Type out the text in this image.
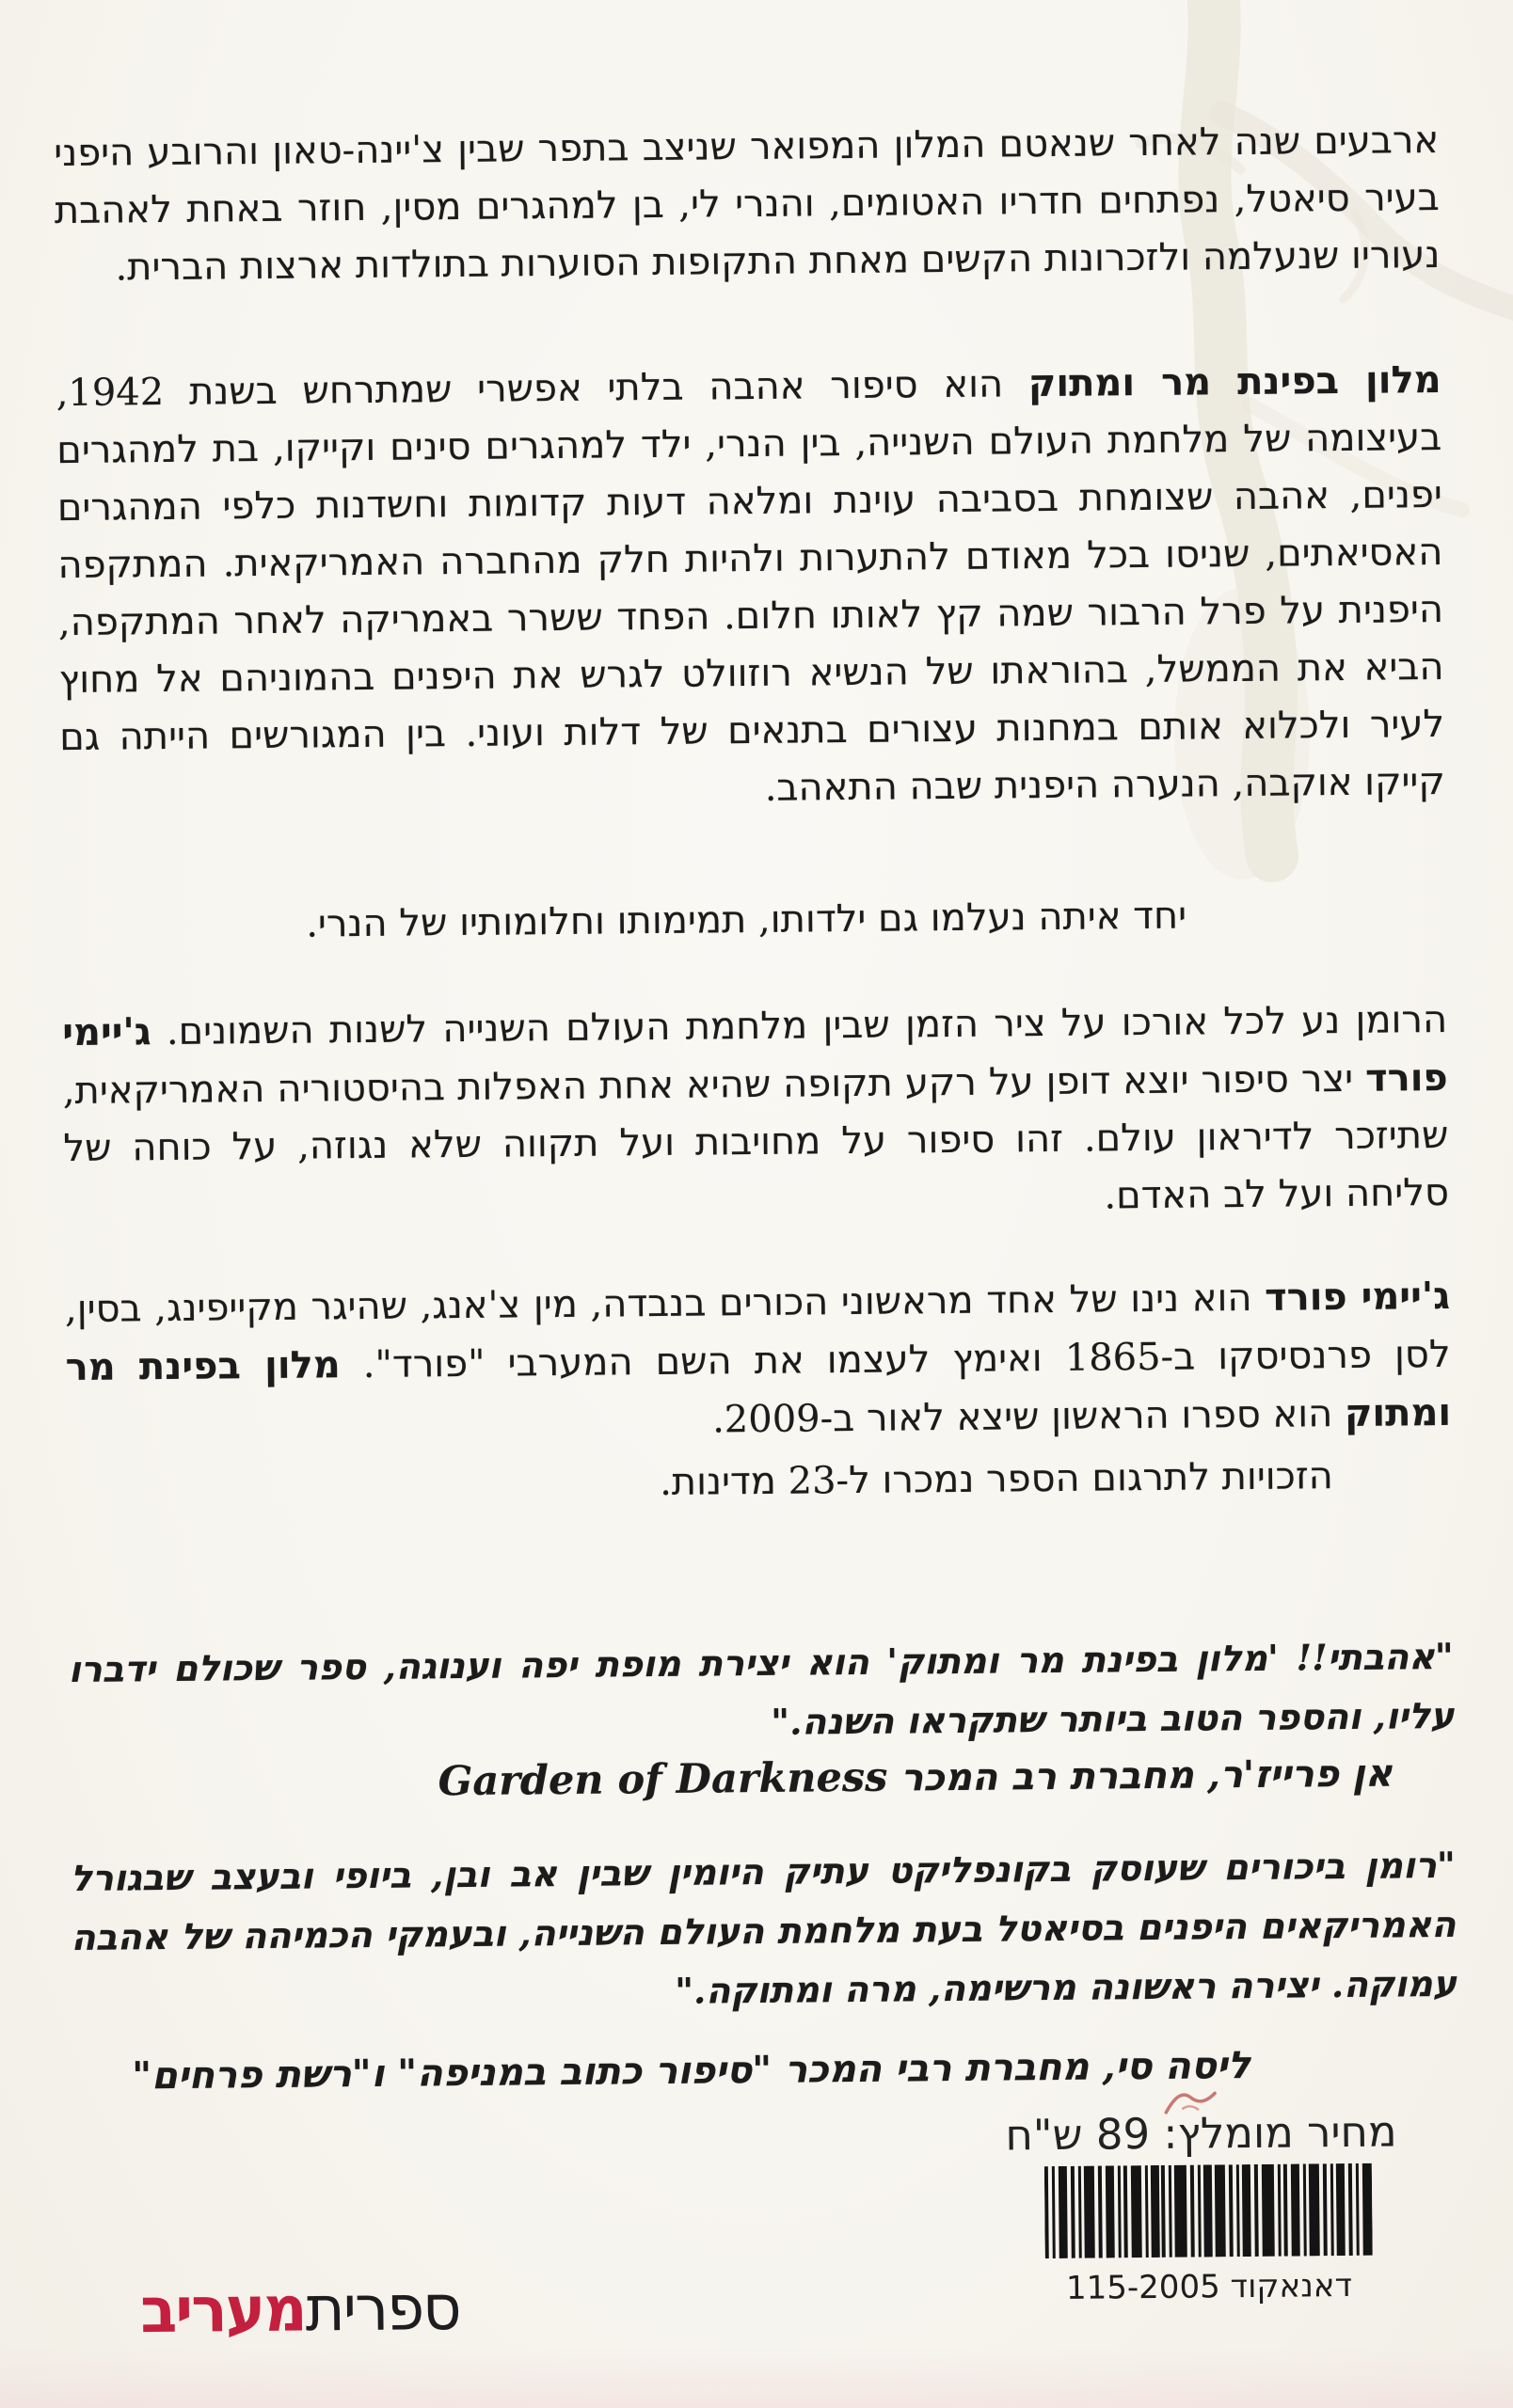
ארבעים שנה לאחר שנאטם המלון המפואר שניצב בתפר שבין צ'יינה-טאון והרובע היפני בעיר סיאטל, נפתחים חדריו האטומים, והנרי לי, בן למהגרים מסין, חוזר באחת לאהבת נעוריו שנעלמה ולזכרונות הקשים מאחת התקופות הסוערות בתולדות ארצות הברית.

מלון בפינת מר ומתוק הוא סיפור אהבה בלתי אפשרי שמתרחש בשנת 1942, בעיצומה של מלחמת העולם השנייה, בין הנרי, ילד למהגרים סינים וקייקו, בת למהגרים יפנים, אהבה שצומחת בסביבה עוינת ומלאה דעות קדומות וחשדנות כלפי המהגרים האסיאתים, שניסו בכל מאודם להתערות ולהיות חלק מהחברה האמריקאית. המתקפה היפנית על פרל הרבור שמה קץ לאותו חלום. הפחד ששרר באמריקה לאחר המתקפה, הביא את הממשל, בהוראתו של הנשיא רוזוולט לגרש את היפנים בהמוניהם אל מחוץ לעיר ולכלוא אותם במחנות עצורים בתנאים של דלות ועוני. בין המגורשים הייתה גם קייקו אוקבה, הנערה היפנית שבה התאהב.

יחד איתה נעלמו גם ילדותו, תמימותו וחלומותיו של הנרי.

הרומן נע לכל אורכו על ציר הזמן שבין מלחמת העולם השנייה לשנות השמונים. ג'יימי פורד יצר סיפור יוצא דופן על רקע תקופה שהיא אחת האפלות בהיסטוריה האמריקאית, שתיזכר לדיראון עולם. זהו סיפור על מחויבות ועל תקווה שלא נגוזה, על כוחה של סליחה ועל לב האדם.

ג'יימי פורד הוא נינו של אחד מראשוני הכורים בנבדה, מין צ'אנג, שהיגר מקייפינג, בסין, לסן פרנסיסקו ב-1865 ואימץ לעצמו את השם המערבי "פורד". מלון בפינת מר ומתוק הוא ספרו הראשון שיצא לאור ב-2009.

הזכויות לתרגום הספר נמכרו ל-23 מדינות.

"אהבתי!! 'מלון בפינת מר ומתוק' הוא יצירת מופת יפה וענוגה, ספר שכולם ידברו עליו, והספר הטוב ביותר שתקראו השנה."

אן פרייז'ר, מחברת רב המכר Garden of Darkness

"רומן ביכורים שעוסק בקונפליקט עתיק היומין שבין אב ובן, ביופי ובעצב שבגורל האמריקאים היפנים בסיאטל בעת מלחמת העולם השנייה, ובעמקי הכמיהה של אהבה עמוקה. יצירה ראשונה מרשימה, מרה ומתוקה."

ליסה סי, מחברת רבי המכר "סיפור כתוב במניפה" ו"רשת פרחים"

מחיר מומלץ: 89 ש"ח
דאנאקוד 115-2005
ספריתמעריב
